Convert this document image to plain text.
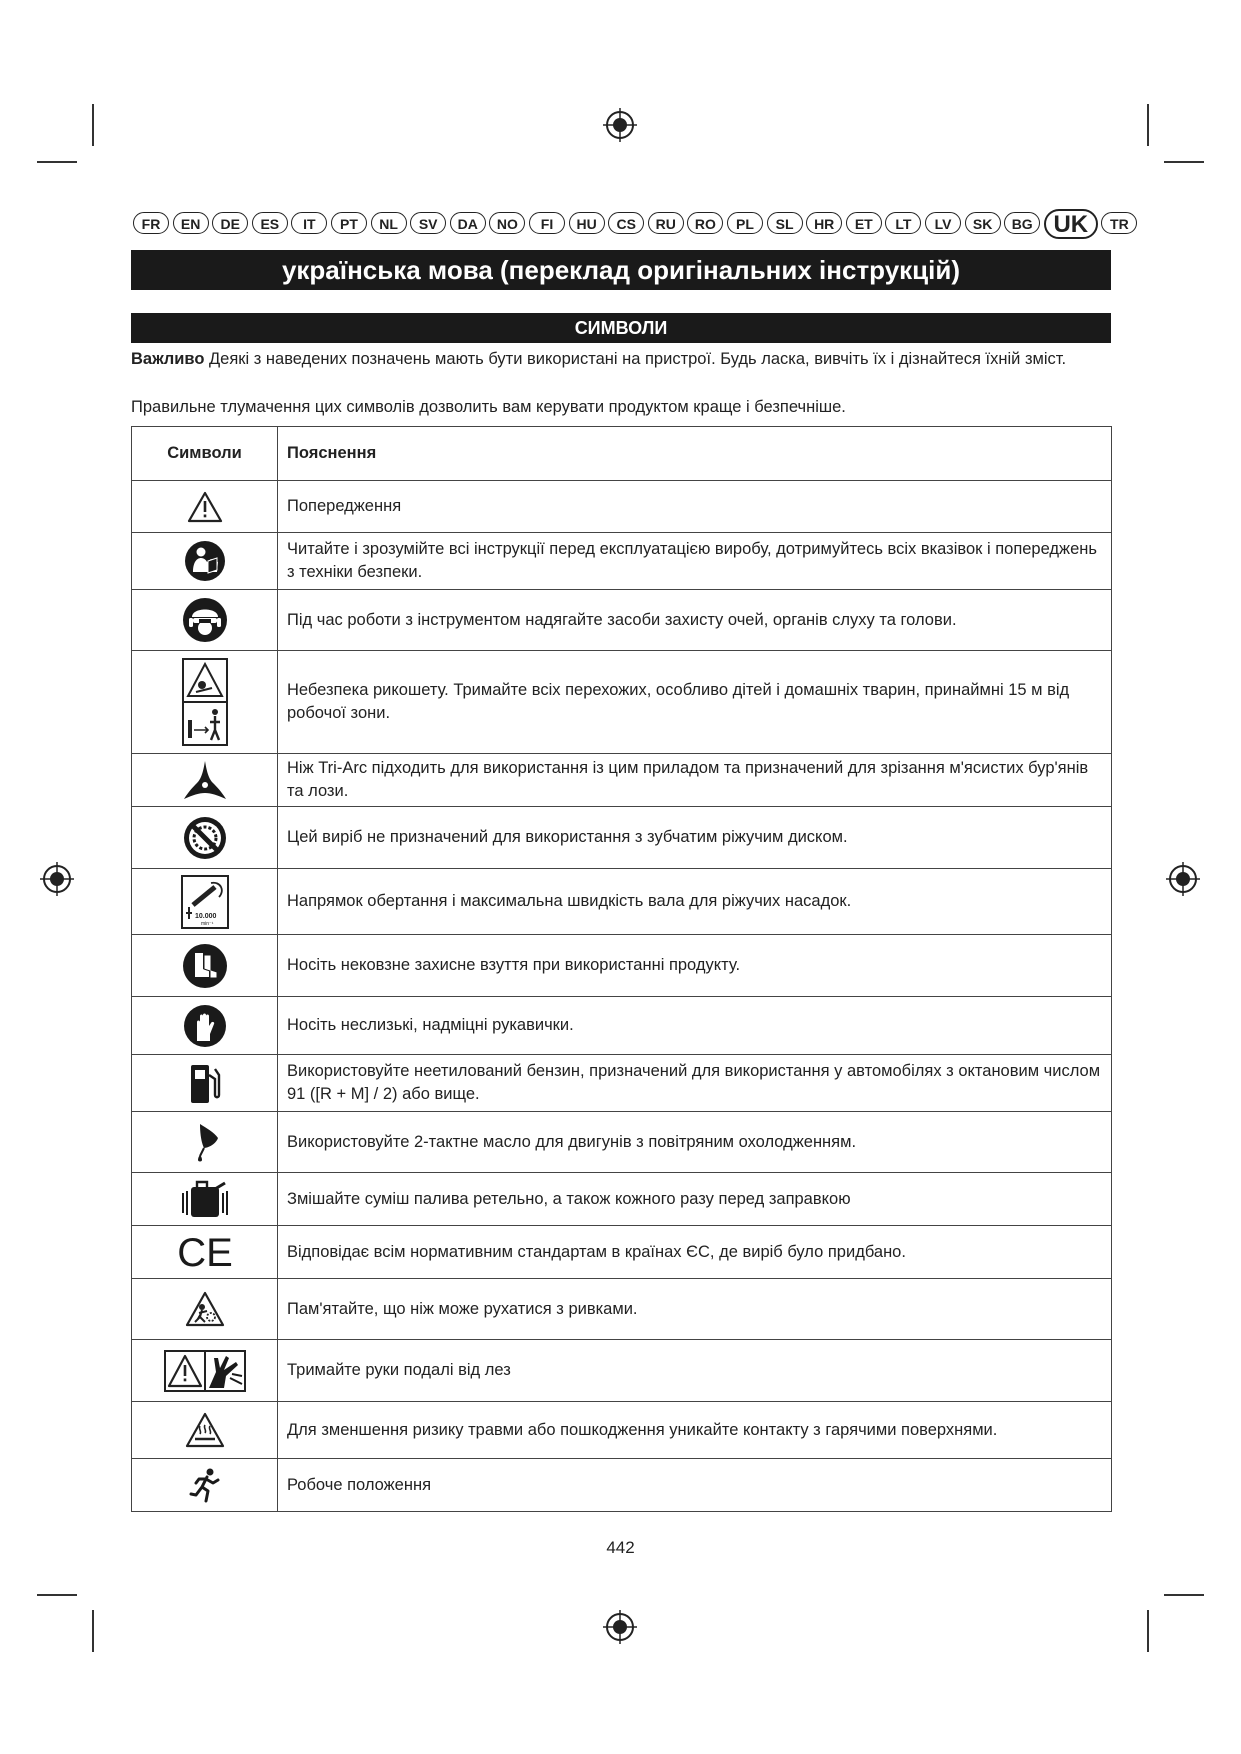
FR	EN	DE	ES	IT	PT	NL	SV	DA	NO	FI	HU	CS	RU	RO	PL	SL	HR	ET	LT	LV	SK	BG UK	TR
українська мова (переклад оригінальних інструкцій)
СИМВОЛИ
Важливо Деякі з наведених позначень мають бути використані на пристрої. Будь ласка, вивчіть їх і дізнайтеся їхній зміст.
Правильне тлумачення цих символів дозволить вам керувати продуктом краще і безпечніше.
Символи	Пояснення
	Попередження
	Читайте і зрозумійте всі інструкції перед експлуатацією виробу, дотримуйтесь всіх вказівок і попереджень з техніки безпеки.
	Під час роботи з інструментом надягайте засоби захисту очей, органів слуху та голови.
	Небезпека рикошету. Тримайте всіх перехожих, особливо дітей і домашніх тварин, принаймні 15 м від робочої зони.
	Ніж Tri-Arc підходить для використання із цим приладом та призначений для зрізання м'ясистих бур'янів та лози.
	Цей виріб не призначений для використання з зубчатим ріжучим диском.

10.000
min⁻¹	Напрямок обертання і максимальна швидкість вала для ріжучих насадок.
	Носіть нековзне захисне взуття при використанні продукту.
	Носіть неслизькі, надміцні рукавички.
	Використовуйте неетилований бензин, призначений для використання у автомобілях з октановим числом 91 ([R + M] / 2) або вище.
	Використовуйте 2-тактне масло для двигунів з повітряним охолодженням.
	Змішайте суміш палива ретельно, а також кожного разу перед заправкою

CE	Відповідає всім нормативним стандартам в країнах ЄС, де виріб було придбано.
	Пам'ятайте, що ніж може рухатися з ривками.
	Тримайте руки подалі від лез
	Для зменшення ризику травми або пошкодження уникайте контакту з гарячими поверхнями.
	Робоче положення
442
